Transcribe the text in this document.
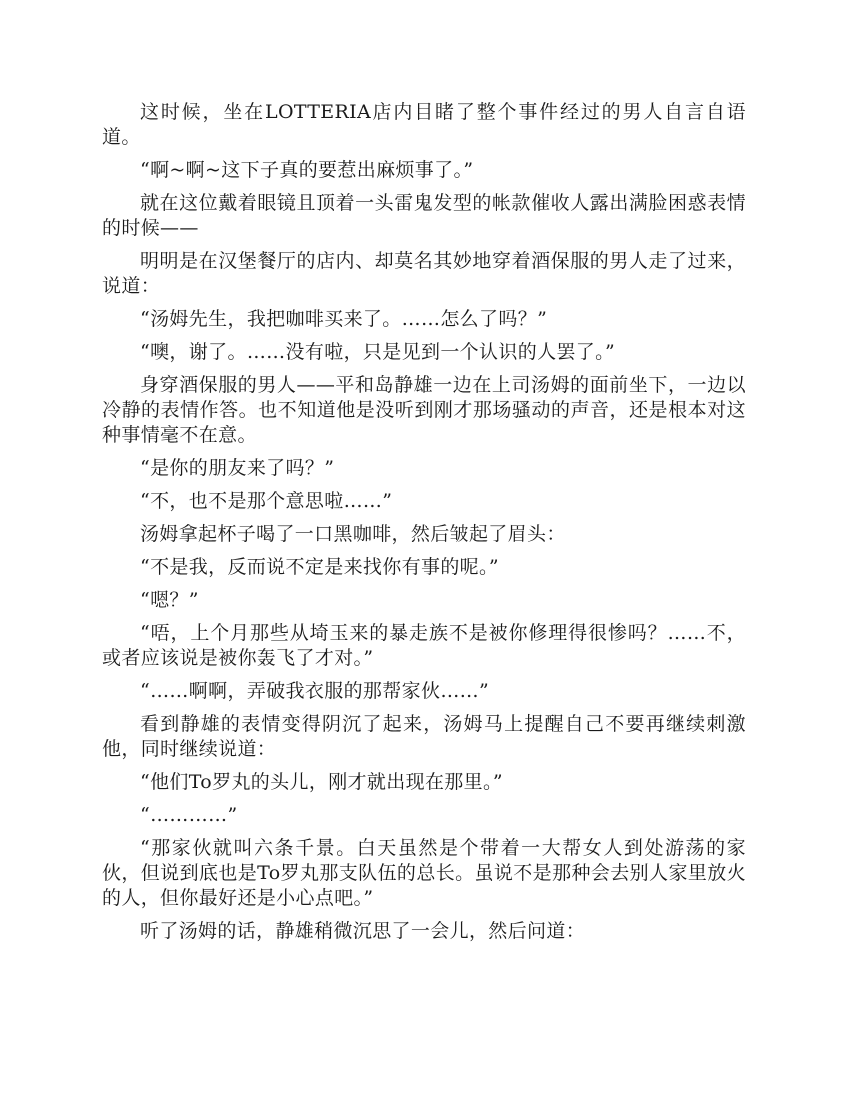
这时候，坐在LOTTERIA店内目睹了整个事件经过的男人自言自语道。

“啊~啊~这下子真的要惹出麻烦事了。”

就在这位戴着眼镜且顶着一头雷鬼发型的帐款催收人露出满脸困惑表情的时候——

明明是在汉堡餐厅的店内、却莫名其妙地穿着酒保服的男人走了过来，说道：

“汤姆先生，我把咖啡买来了。……怎么了吗？”

“噢，谢了。……没有啦，只是见到一个认识的人罢了。”

身穿酒保服的男人——平和岛静雄一边在上司汤姆的面前坐下，一边以冷静的表情作答。也不知道他是没听到刚才那场骚动的声音，还是根本对这种事情毫不在意。

“是你的朋友来了吗？”

“不，也不是那个意思啦……”

汤姆拿起杯子喝了一口黑咖啡，然后皱起了眉头：

“不是我，反而说不定是来找你有事的呢。”

“嗯？”

“唔，上个月那些从埼玉来的暴走族不是被你修理得很惨吗？……不，或者应该说是被你轰飞了才对。”

“……啊啊，弄破我衣服的那帮家伙……”

看到静雄的表情变得阴沉了起来，汤姆马上提醒自己不要再继续刺激他，同时继续说道：

“他们To罗丸的头儿，刚才就出现在那里。”

“…………”

“那家伙就叫六条千景。白天虽然是个带着一大帮女人到处游荡的家伙，但说到底也是To罗丸那支队伍的总长。虽说不是那种会去别人家里放火的人，但你最好还是小心点吧。”

听了汤姆的话，静雄稍微沉思了一会儿，然后问道：
